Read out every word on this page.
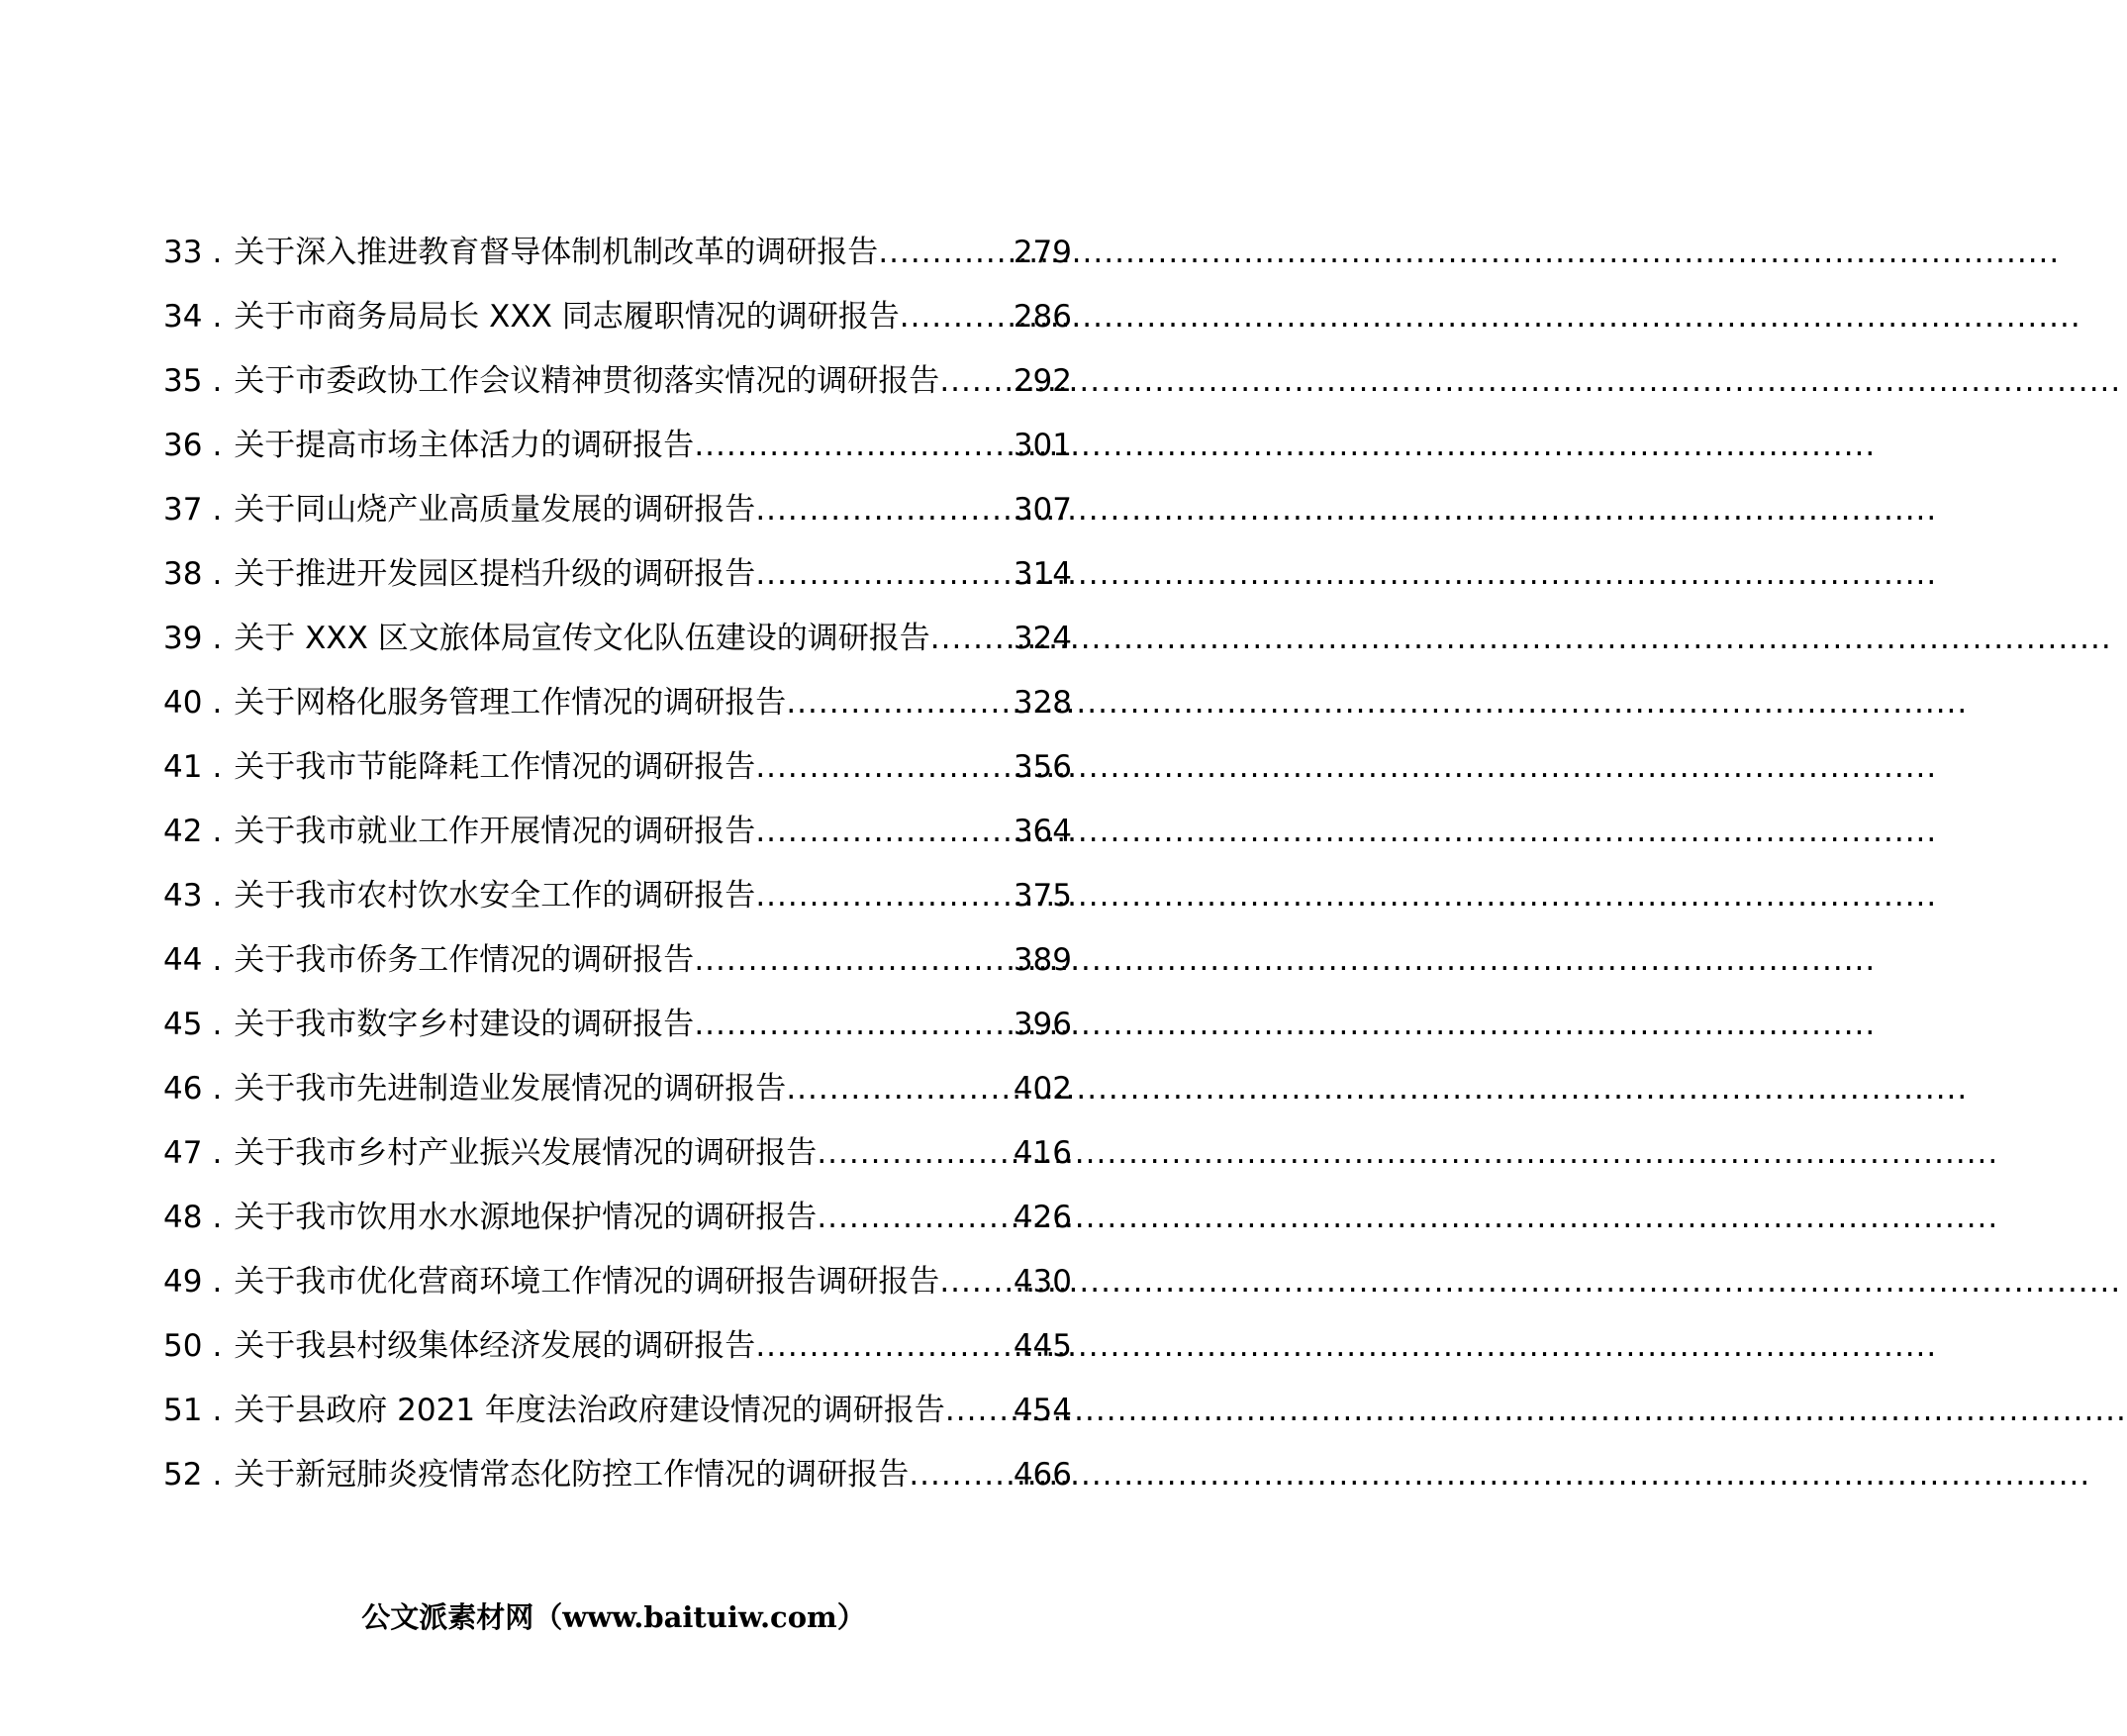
33 . 关于深入推进教育督导体制机制改革的调研报告 .....	279
34 . 关于市商务局局长 XXX 同志履职情况的调研报告 .....	286
35 . 关于市委政协工作会议精神贯彻落实情况的调研报告 ..... 292
36 . 关于提高市场主体活力的调研报告 .....	301
37 . 关于同山烧产业高质量发展的调研报告 .....	307
38 . 关于推进开发园区提档升级的调研报告 .....	314
39 . 关于 XXX 区文旅体局宣传文化队伍建设的调研报告 .....	324
40 . 关于网格化服务管理工作情况的调研报告 .....	328
41 . 关于我市节能降耗工作情况的调研报告 .....	356
42 . 关于我市就业工作开展情况的调研报告 .....	364
43 . 关于我市农村饮水安全工作的调研报告 .....	375
44 . 关于我市侨务工作情况的调研报告 .....	389
45 . 关于我市数字乡村建设的调研报告 .....	396
46 . 关于我市先进制造业发展情况的调研报告 .....	402
47 . 关于我市乡村产业振兴发展情况的调研报告 .....	416
48 . 关于我市饮用水水源地保护情况的调研报告 .....	426
49 . 关于我市优化营商环境工作情况的调研报告调研报告 ..... 430
50 . 关于我县村级集体经济发展的调研报告 .....	445
51 . 关于县政府 2021 年度法治政府建设情况的调研报告 ..... 454
52 . 关于新冠肺炎疫情常态化防控工作情况的调研报告 .....	466
公文派素材网（www.baituiw.com）
